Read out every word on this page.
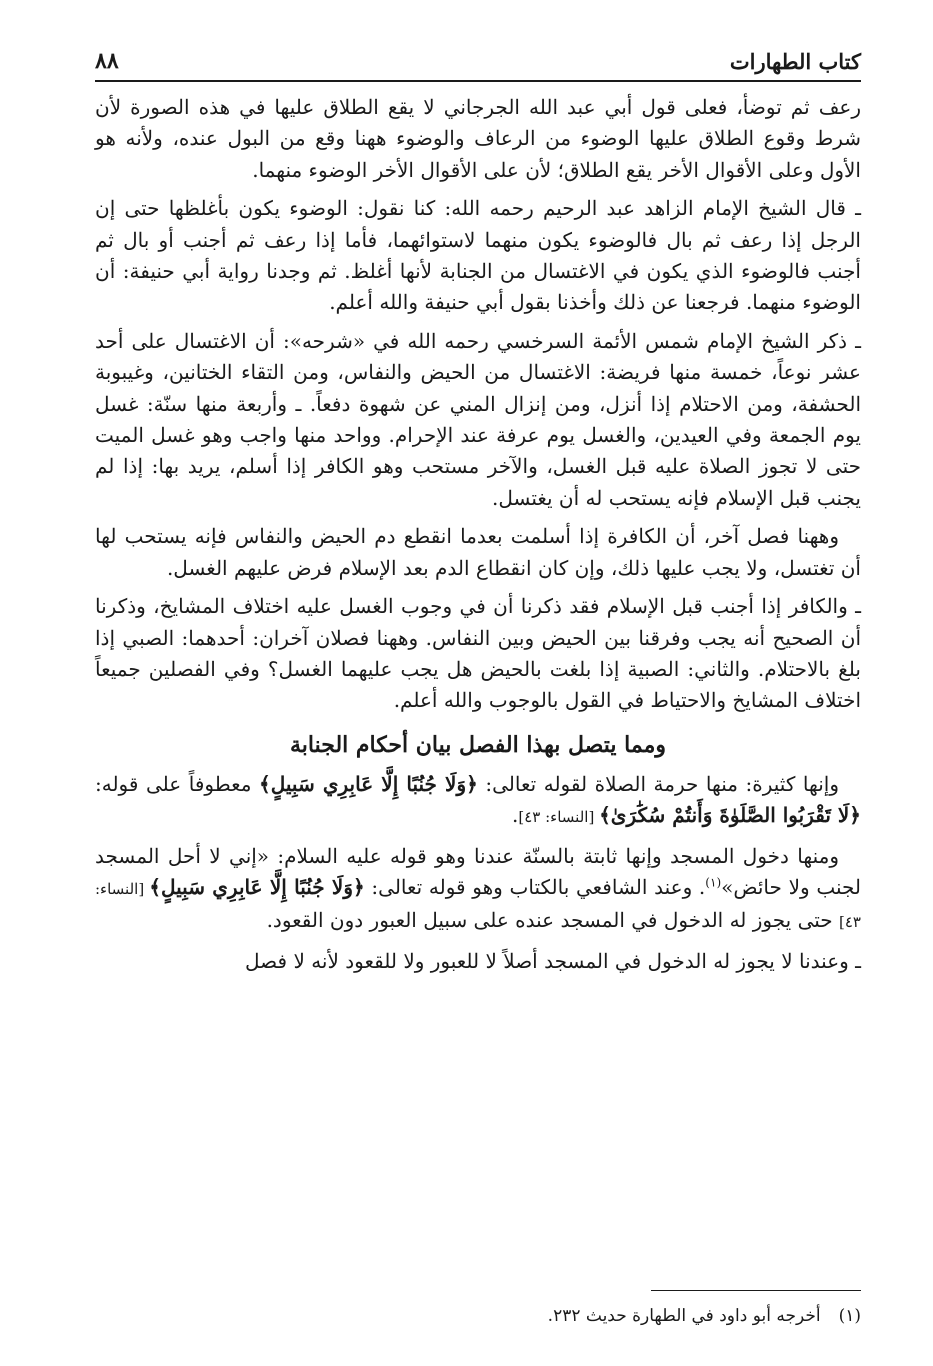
كتاب الطهارات
٨٨

رعف ثم توضأ، فعلى قول أبي عبد الله الجرجاني لا يقع الطلاق عليها في هذه الصورة لأن شرط وقوع الطلاق عليها الوضوء من الرعاف والوضوء ههنا وقع من البول عنده، ولأنه هو الأول وعلى الأقوال الأخر يقع الطلاق؛ لأن على الأقوال الأخر الوضوء منهما.

ـ قال الشيخ الإمام الزاهد عبد الرحيم رحمه الله: كنا نقول: الوضوء يكون بأغلظها حتى إن الرجل إذا رعف ثم بال فالوضوء يكون منهما لاستوائهما، فأما إذا رعف ثم أجنب أو بال ثم أجنب فالوضوء الذي يكون في الاغتسال من الجنابة لأنها أغلظ. ثم وجدنا رواية أبي حنيفة: أن الوضوء منهما. فرجعنا عن ذلك وأخذنا بقول أبي حنيفة والله أعلم.

ـ ذكر الشيخ الإمام شمس الأئمة السرخسي رحمه الله في «شرحه»: أن الاغتسال على أحد عشر نوعاً، خمسة منها فريضة: الاغتسال من الحيض والنفاس، ومن التقاء الختانين، وغيبوبة الحشفة، ومن الاحتلام إذا أنزل، ومن إنزال المني عن شهوة دفعاً. ـ وأربعة منها سنّة: غسل يوم الجمعة وفي العيدين، والغسل يوم عرفة عند الإحرام. وواحد منها واجب وهو غسل الميت حتى لا تجوز الصلاة عليه قبل الغسل، والآخر مستحب وهو الكافر إذا أسلم، يريد بها: إذا لم يجنب قبل الإسلام فإنه يستحب له أن يغتسل.

وههنا فصل آخر، أن الكافرة إذا أسلمت بعدما انقطع دم الحيض والنفاس فإنه يستحب لها أن تغتسل، ولا يجب عليها ذلك، وإن كان انقطاع الدم بعد الإسلام فرض عليهم الغسل.

ـ والكافر إذا أجنب قبل الإسلام فقد ذكرنا أن في وجوب الغسل عليه اختلاف المشايخ، وذكرنا أن الصحيح أنه يجب وفرقنا بين الحيض وبين النفاس. وههنا فصلان آخران: أحدهما: الصبي إذا بلغ بالاحتلام. والثاني: الصبية إذا بلغت بالحيض هل يجب عليهما الغسل؟ وفي الفصلين جميعاً اختلاف المشايخ والاحتياط في القول بالوجوب والله أعلم.

ومما يتصل بهذا الفصل بيان أحكام الجنابة

وإنها كثيرة: منها حرمة الصلاة لقوله تعالى: ﴿وَلَا جُنُبًا إِلَّا عَابِرِي سَبِيلٍ﴾ معطوفاً على قوله: ﴿لَا تَقْرَبُوا الصَّلَوٰةَ وَأَنتُمْ سُكَٰرَىٰ﴾ [النساء: ٤٣].

ومنها دخول المسجد وإنها ثابتة بالسنّة عندنا وهو قوله عليه السلام: «إني لا أحل المسجد لجنب ولا حائض»$^{(١)}$. وعند الشافعي بالكتاب وهو قوله تعالى: ﴿وَلَا جُنُبًا إِلَّا عَابِرِي سَبِيلٍ﴾ [النساء: ٤٣] حتى يجوز له الدخول في المسجد عنده على سبيل العبور دون القعود.

ـ وعندنا لا يجوز له الدخول في المسجد أصلاً لا للعبور ولا للقعود لأنه لا فصل

(١)أخرجه أبو داود في الطهارة حديث ٢٣٢.
